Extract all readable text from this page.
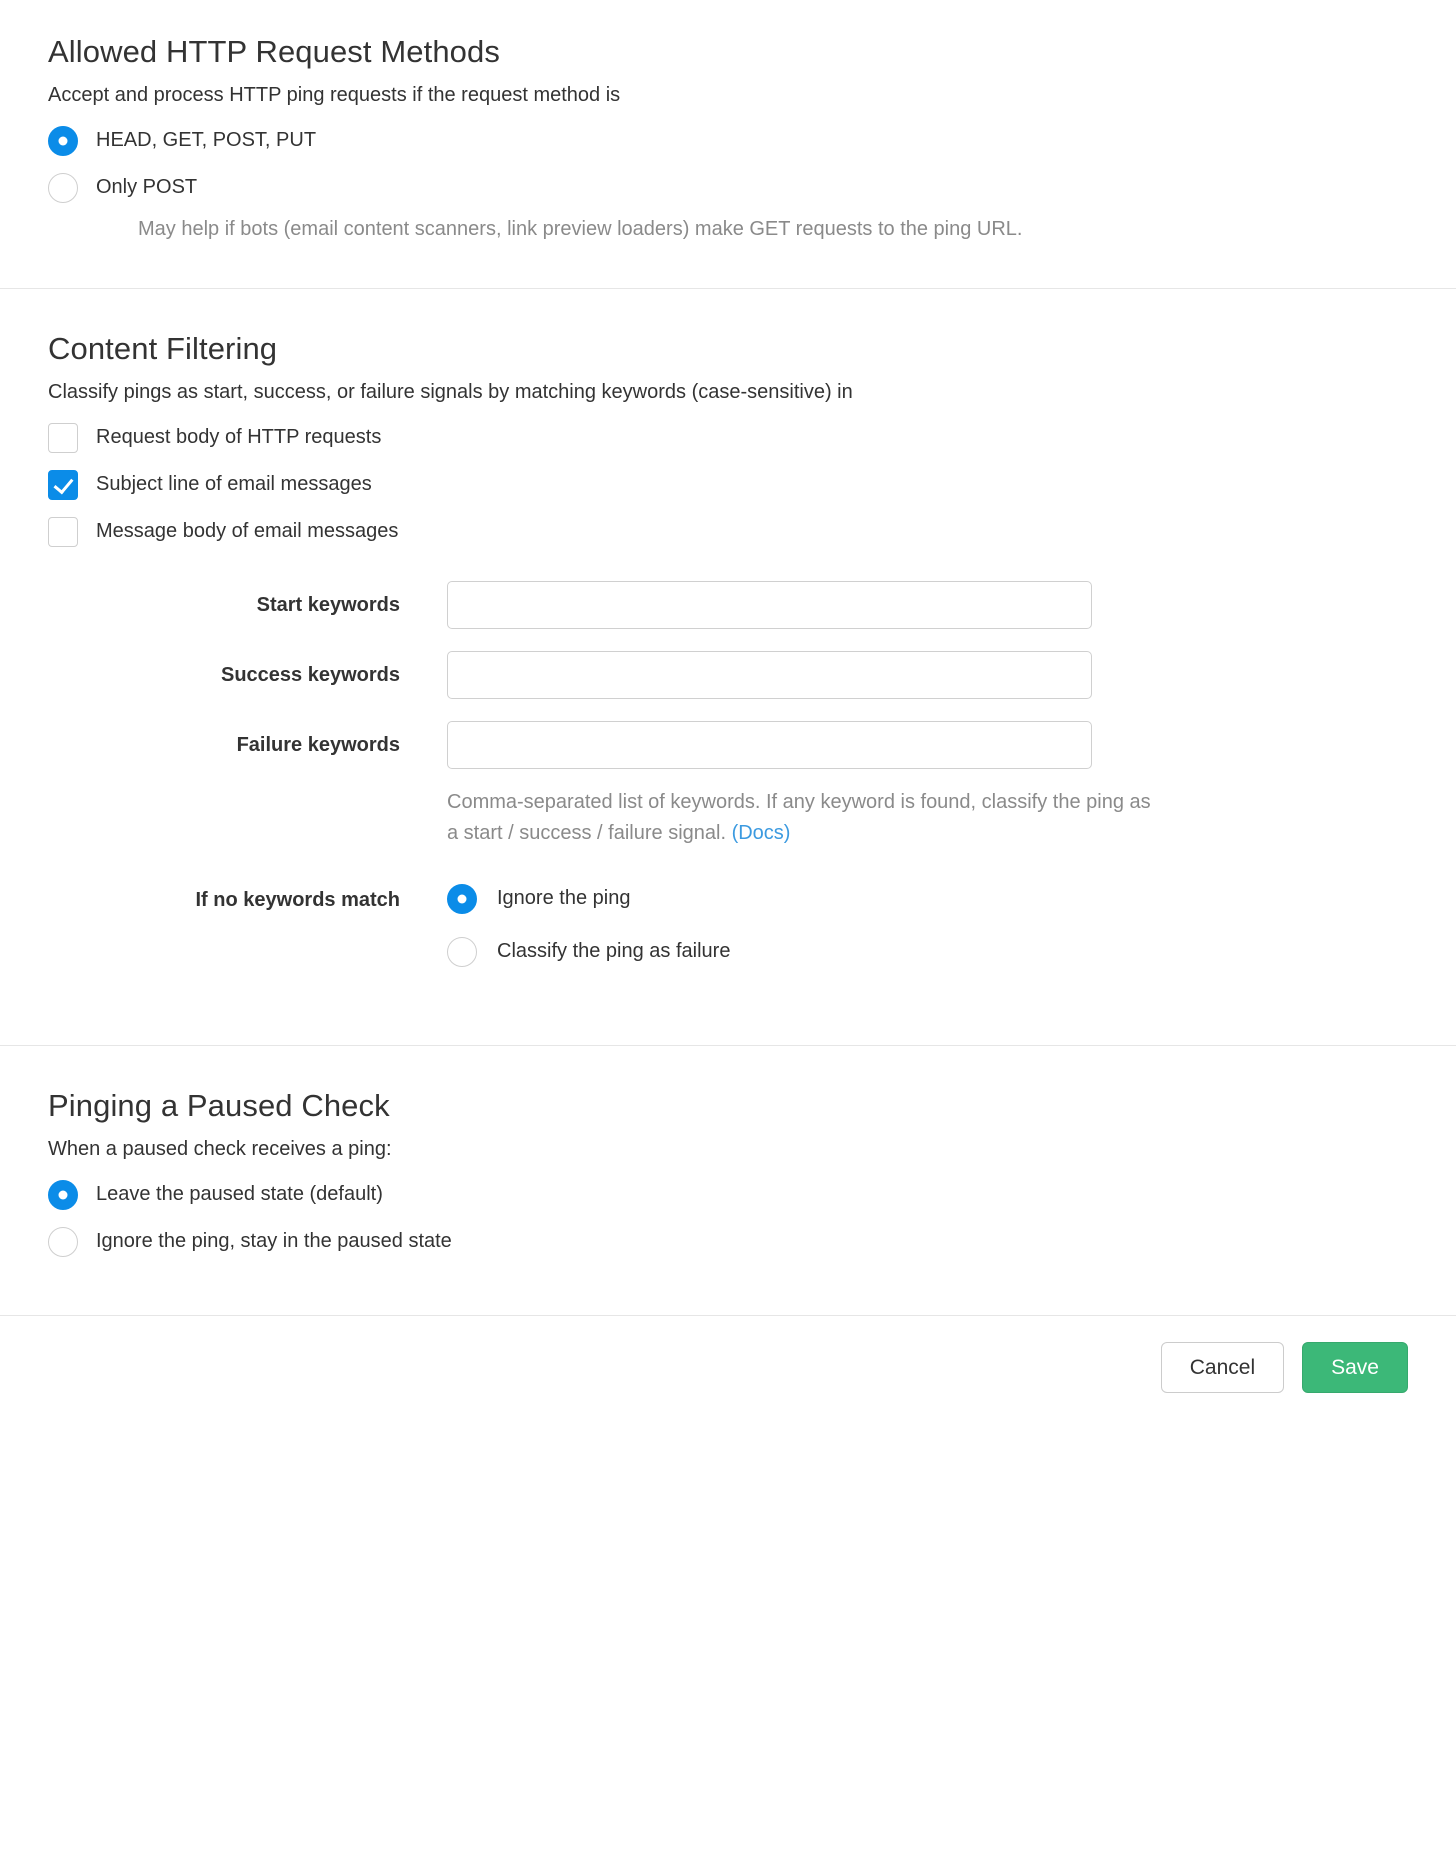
Allowed HTTP Request Methods

Accept and process HTTP ping requests if the request method is

HEAD, GET, POST, PUT
Only POST
May help if bots (email content scanners, link preview loaders) make GET requests to the ping URL.
Content Filtering

Classify pings as start, success, or failure signals by matching keywords (case-sensitive) in

Request body of HTTP requests
Subject line of email messages
Message body of email messages
Start keywords
Success keywords
Failure keywords
Comma-separated list of keywords. If any keyword is found, classify the ping as a start / success / failure signal. (Docs)
If no keywords match	Ignore the ping
Classify the ping as failure
Pinging a Paused Check

When a paused check receives a ping:

Leave the paused state (default)
Ignore the ping, stay in the paused state
Cancel	Save
